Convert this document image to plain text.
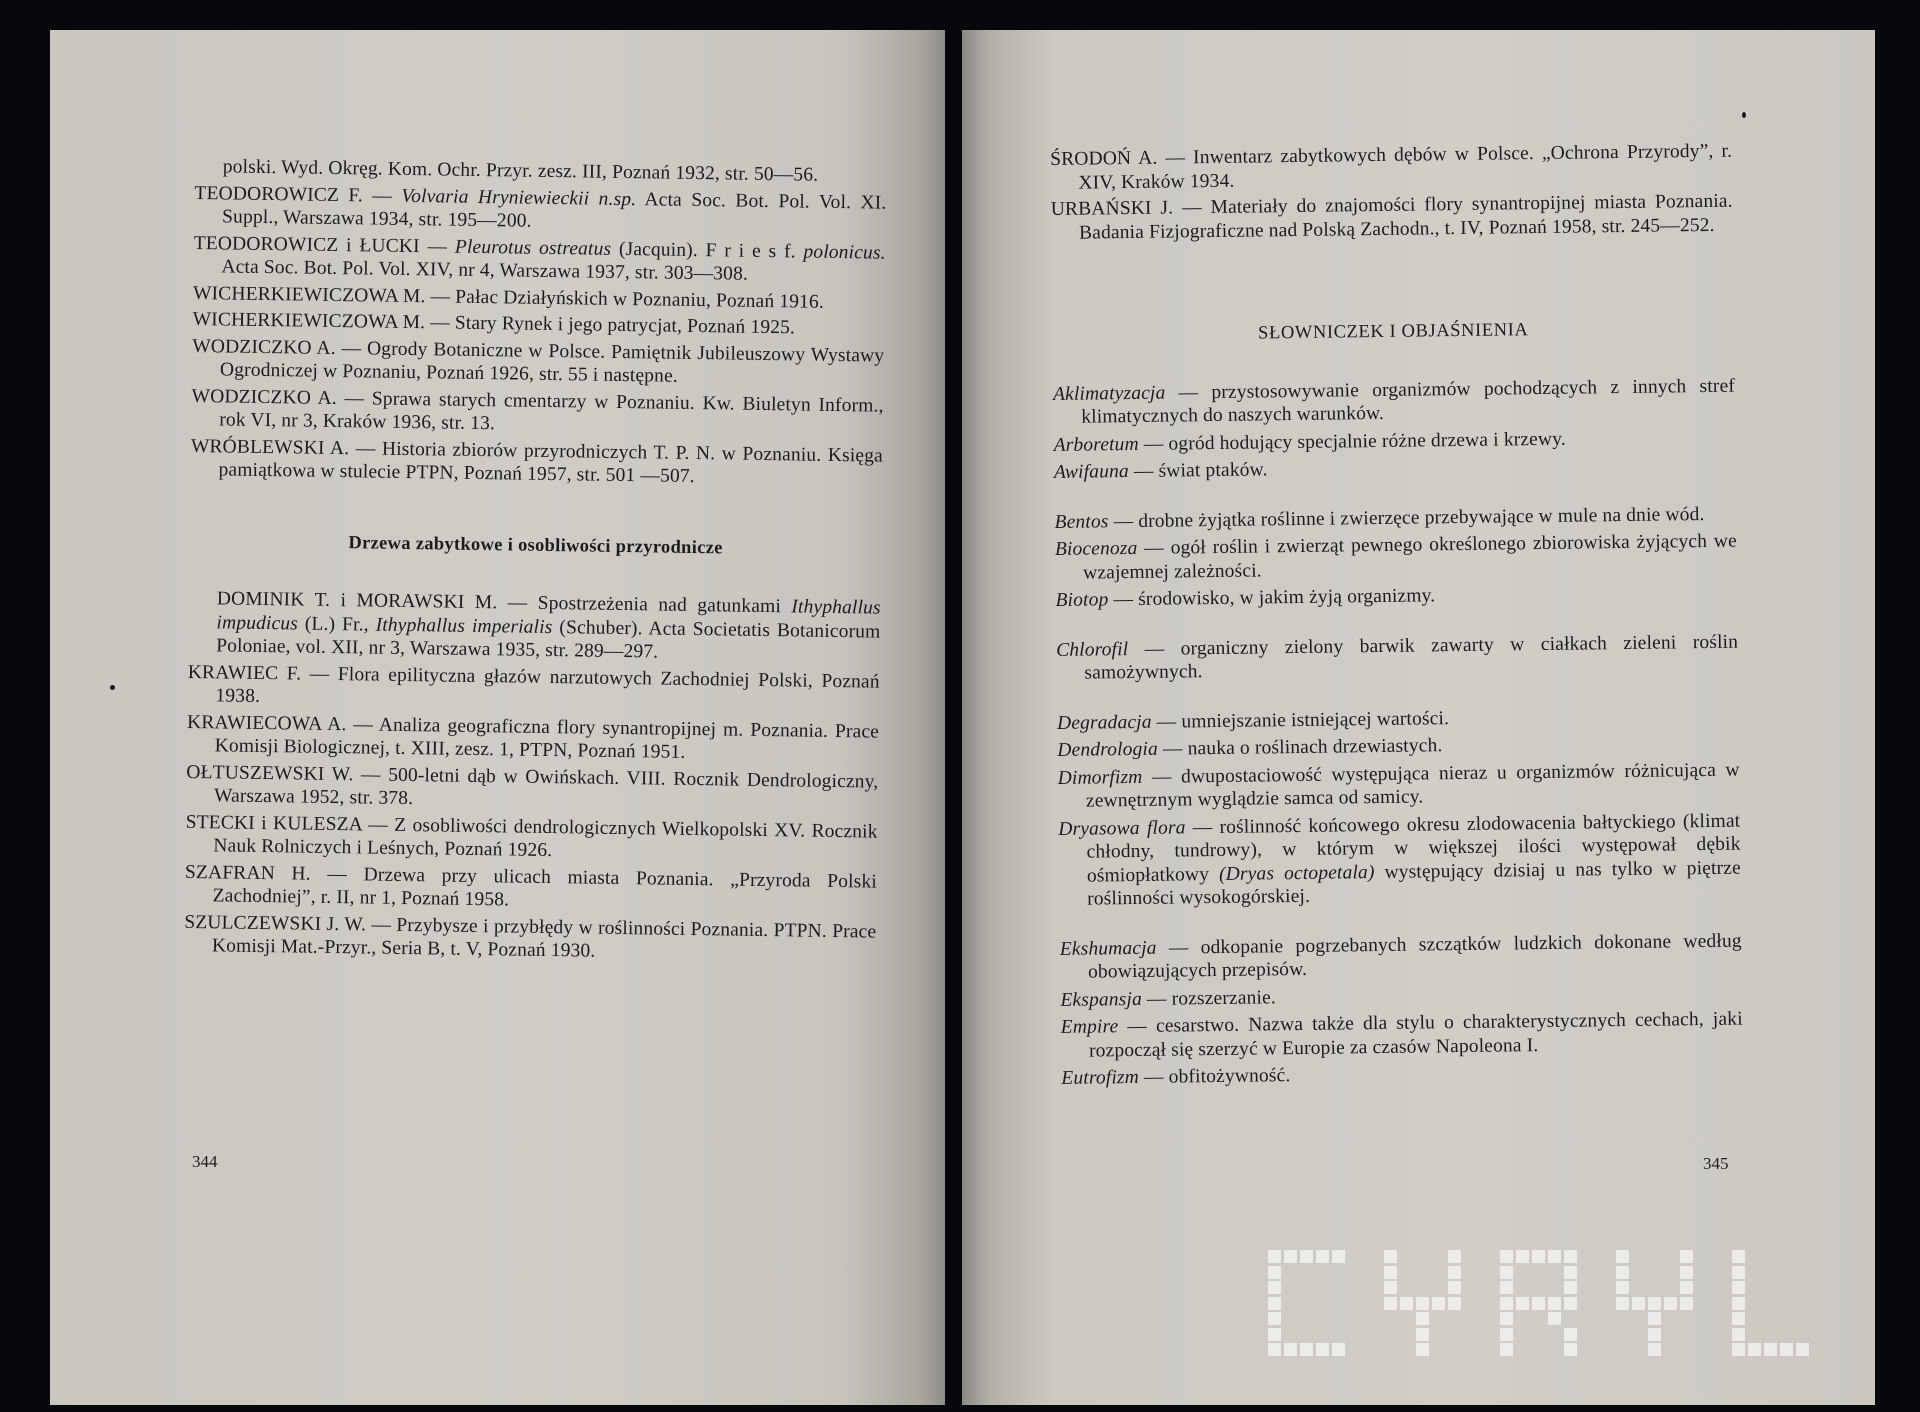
polski. Wyd. Okręg. Kom. Ochr. Przyr. zesz. III, Poznań 1932, str. 50—56.
TEODOROWICZ F. — Volvaria Hryniewieckii n.sp. Acta Soc. Bot. Pol. Vol. XI. Suppl., Warszawa 1934, str. 195—200.
TEODOROWICZ i ŁUCKI — Pleurotus ostreatus (Jacquin). F r i e s f. polonicus. Acta Soc. Bot. Pol. Vol. XIV, nr 4, Warszawa 1937, str. 303—308.
WICHERKIEWICZOWA M. — Pałac Działyńskich w Poznaniu, Poznań 1916.
WICHERKIEWICZOWA M. — Stary Rynek i jego patrycjat, Poznań 1925.
WODZICZKO A. — Ogrody Botaniczne w Polsce. Pamiętnik Jubileuszowy Wystawy Ogrodniczej w Poznaniu, Poznań 1926, str. 55 i następne.
WODZICZKO A. — Sprawa starych cmentarzy w Poznaniu. Kw. Biuletyn Inform., rok VI, nr 3, Kraków 1936, str. 13.
WRÓBLEWSKI A. — Historia zbiorów przyrodniczych T. P. N. w Poznaniu. Księga pamiątkowa w stulecie PTPN, Poznań 1957, str. 501 —507.
Drzewa zabytkowe i osobliwości przyrodnicze
DOMINIK T. i MORAWSKI M. — Spostrzeżenia nad gatunkami Ithyphallus impudicus (L.) Fr., Ithyphallus imperialis (Schuber). Acta Societatis Botanicorum Poloniae, vol. XII, nr 3, Warszawa 1935, str. 289—297.
KRAWIEC F. — Flora epilityczna głazów narzutowych Zachodniej Polski, Poznań 1938.
KRAWIECOWA A. — Analiza geograficzna flory synantropijnej m. Poznania. Prace Komisji Biologicznej, t. XIII, zesz. 1, PTPN, Poznań 1951.
OŁTUSZEWSKI W. — 500-letni dąb w Owińskach. VIII. Rocznik Dendrologiczny, Warszawa 1952, str. 378.
STECKI i KULESZA — Z osobliwości dendrologicznych Wielkopolski XV. Rocznik Nauk Rolniczych i Leśnych, Poznań 1926.
SZAFRAN H. — Drzewa przy ulicach miasta Poznania. „Przyroda Polski Zachodniej”, r. II, nr 1, Poznań 1958.
SZULCZEWSKI J. W. — Przybysze i przybłędy w roślinności Poznania. PTPN. Prace Komisji Mat.-Przyr., Seria B, t. V, Poznań 1930.
344
ŚRODOŃ A. — Inwentarz zabytkowych dębów w Polsce. „Ochrona Przyrody”, r. XIV, Kraków 1934.
URBAŃSKI J. — Materiały do znajomości flory synantropijnej miasta Poznania. Badania Fizjograficzne nad Polską Zachodn., t. IV, Poznań 1958, str. 245—252.
SŁOWNICZEK I OBJAŚNIENIA
Aklimatyzacja — przystosowywanie organizmów pochodzących z innych stref klimatycznych do naszych warunków.
Arboretum — ogród hodujący specjalnie różne drzewa i krzewy.
Awifauna — świat ptaków.
Bentos — drobne żyjątka roślinne i zwierzęce przebywające w mule na dnie wód.
Biocenoza — ogół roślin i zwierząt pewnego określonego zbiorowiska żyjących we wzajemnej zależności.
Biotop — środowisko, w jakim żyją organizmy.
Chlorofil — organiczny zielony barwik zawarty w ciałkach zieleni roślin samożywnych.
Degradacja — umniejszanie istniejącej wartości.
Dendrologia — nauka o roślinach drzewiastych.
Dimorfizm — dwupostaciowość występująca nieraz u organizmów różnicująca w zewnętrznym wyglądzie samca od samicy.
Dryasowa flora — roślinność końcowego okresu zlodowacenia bałtyckiego (klimat chłodny, tundrowy), w którym w większej ilości występował dębik ośmiopłatkowy (Dryas octopetala) występujący dzisiaj u nas tylko w piętrze roślinności wysokogórskiej.
Ekshumacja — odkopanie pogrzebanych szczątków ludzkich dokonane według obowiązujących przepisów.
Ekspansja — rozszerzanie.
Empire — cesarstwo. Nazwa także dla stylu o charakterystycznych cechach, jaki rozpoczął się szerzyć w Europie za czasów Napoleona I.
Eutrofizm — obfitożywność.
345
